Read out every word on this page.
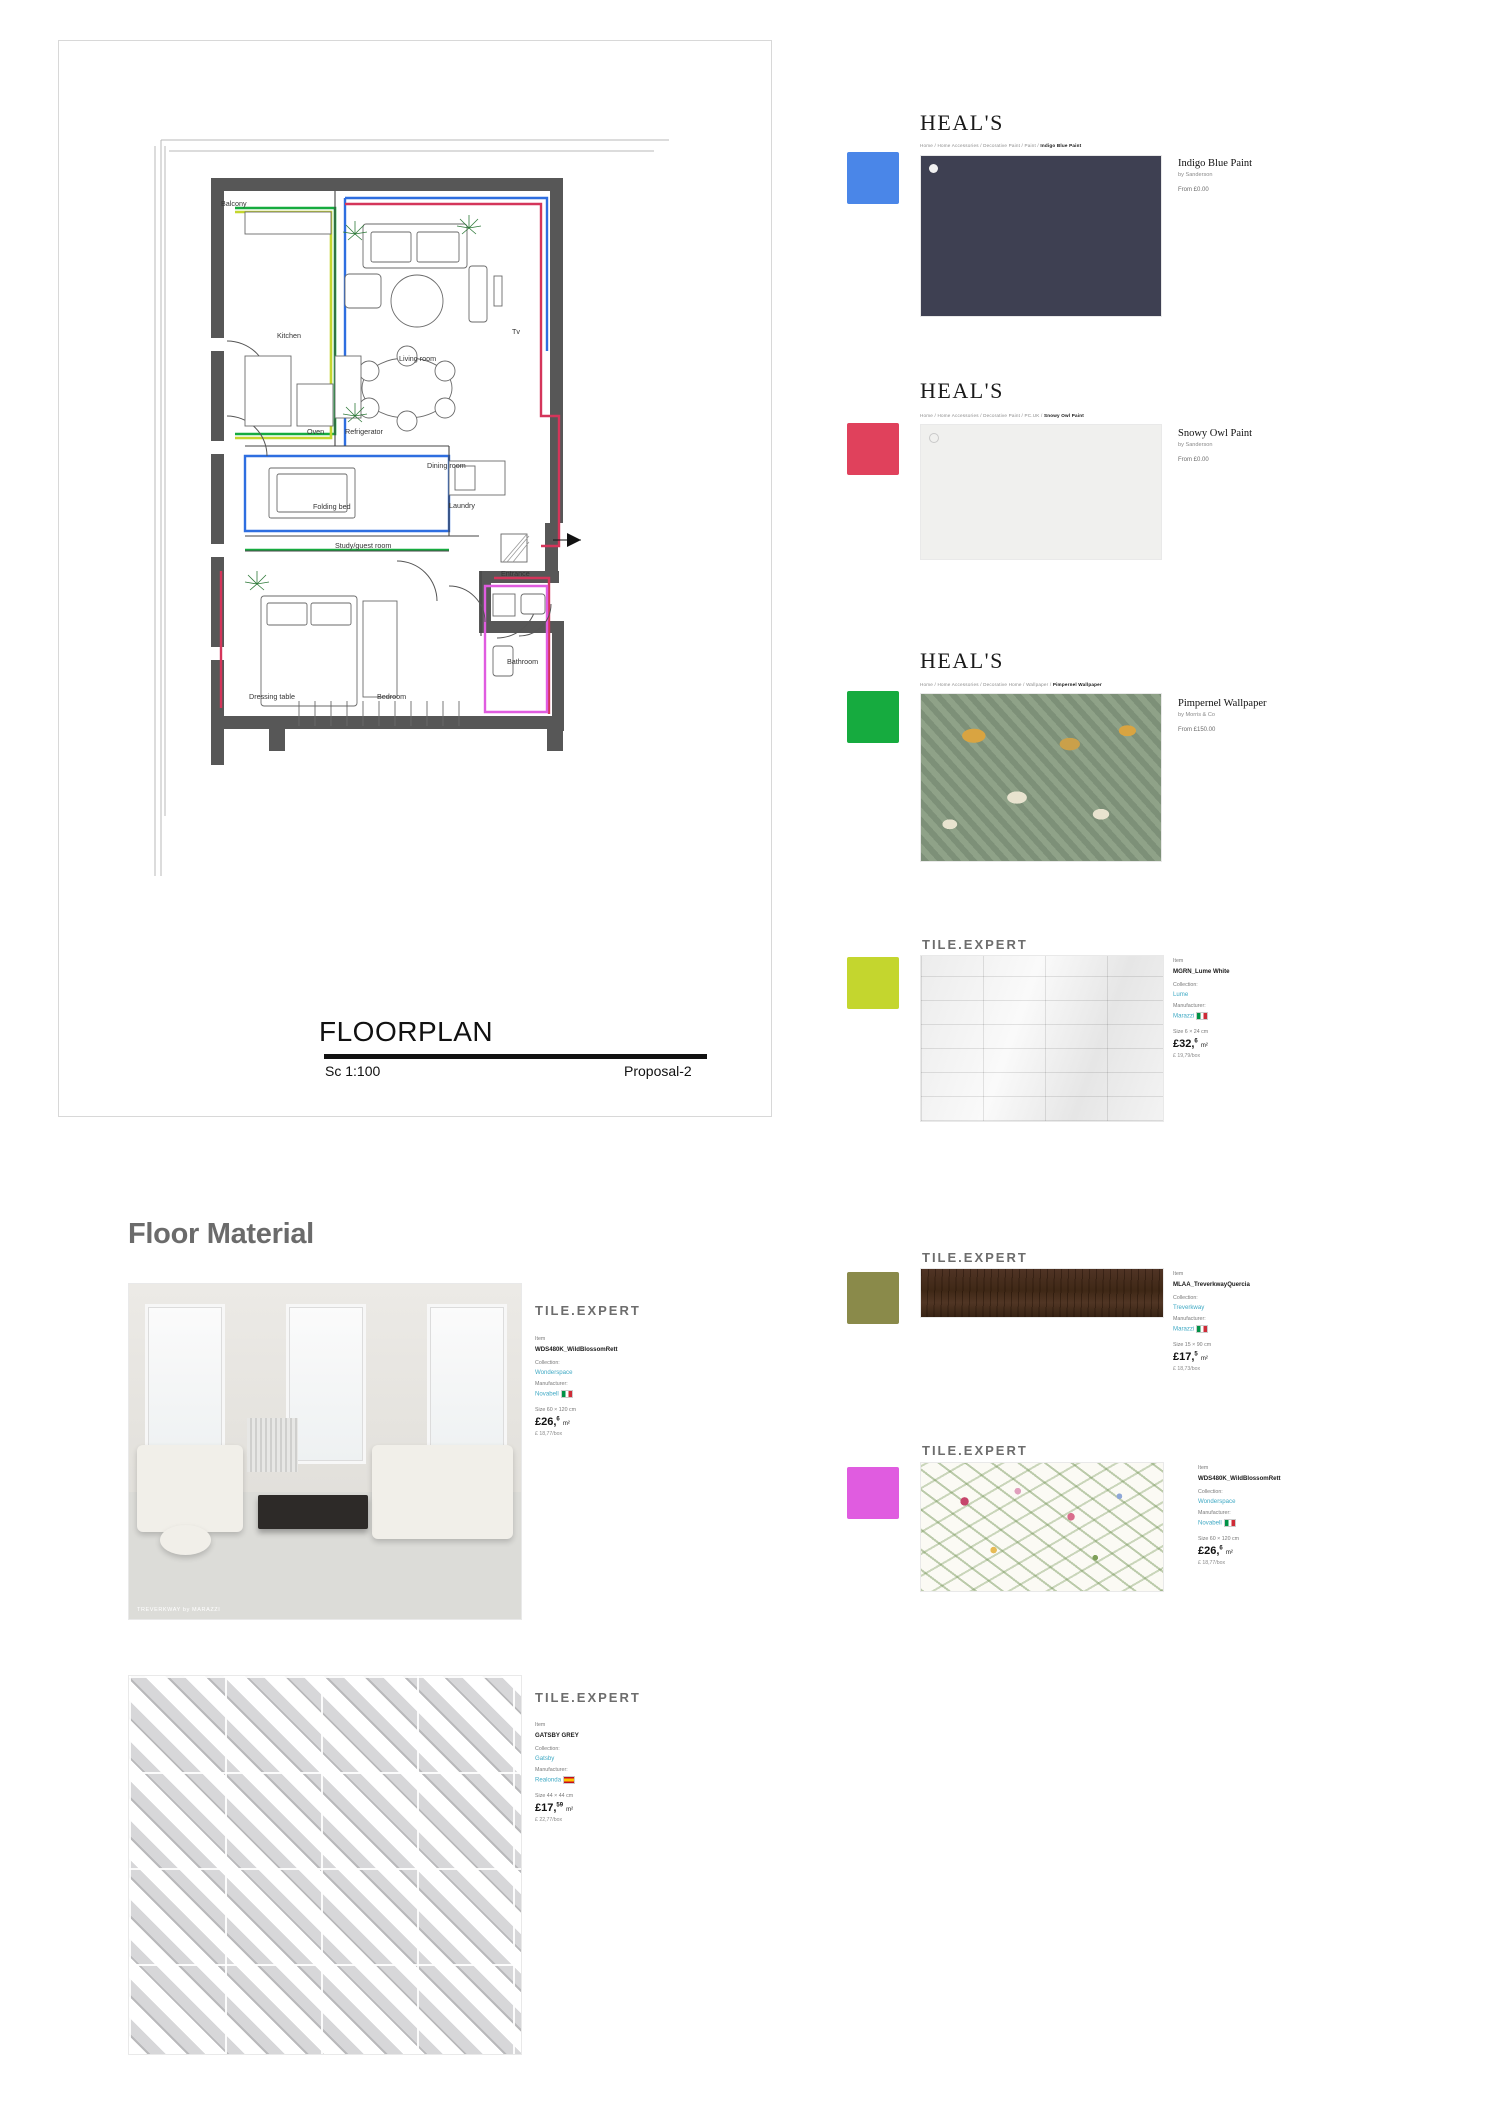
Balcony
Kitchen
Living room
Tv
Oven	Refrigerator
Dining room
Laundry
Folding bed
Study/guest room
Entrance
Bedroom
Dressing table
Bathroom
FLOORPLAN
Sc 1:100	Proposal-2
HEAL'S
Home / Home Accessories / Decorative Paint / Paint / Indigo Blue Paint
Indigo Blue Paint
by Sanderson
From £0.00
HEAL'S
Home / Home Accessories / Decorative Paint / PC.UK / Snowy Owl Paint
Snowy Owl Paint
by Sanderson
From £0.00
HEAL'S
Home / Home Accessories / Decorative Home / Wallpaper / Pimpernel Wallpaper
Pimpernel Wallpaper
by Morris & Co
From £150.00
TILE.EXPERT
Item
MGRN_Lume White
Collection:
Lume
Manufacturer:
Marazzi
Size 6 × 24 cm
£32,$^6$ m²
£ 19,79/box
TILE.EXPERT
Item
MLAA_TreverkwayQuercia
Collection:
Treverkway
Manufacturer:
Marazzi
Size 15 × 90 cm
£17,$^5$ m²
£ 18,73/box
TILE.EXPERT
Item
WDS480K_WildBlossomRett
Collection:
Wonderspace
Manufacturer:
Novabell
Size 60 × 120 cm
£26,$^6$ m²
£ 18,77/box
Floor Material
TREVERKWAY by MARAZZI
TILE.EXPERT
Item
WDS480K_WildBlossomRett
Collection:
Wonderspace
Manufacturer:
Novabell
Size 60 × 120 cm
£26,$^6$ m²
£ 18,77/box
TILE.EXPERT
Item
GATSBY GREY
Collection:
Gatsby
Manufacturer:
Realonda
Size 44 × 44 cm
£17,59 m²
£ 22,77/box
